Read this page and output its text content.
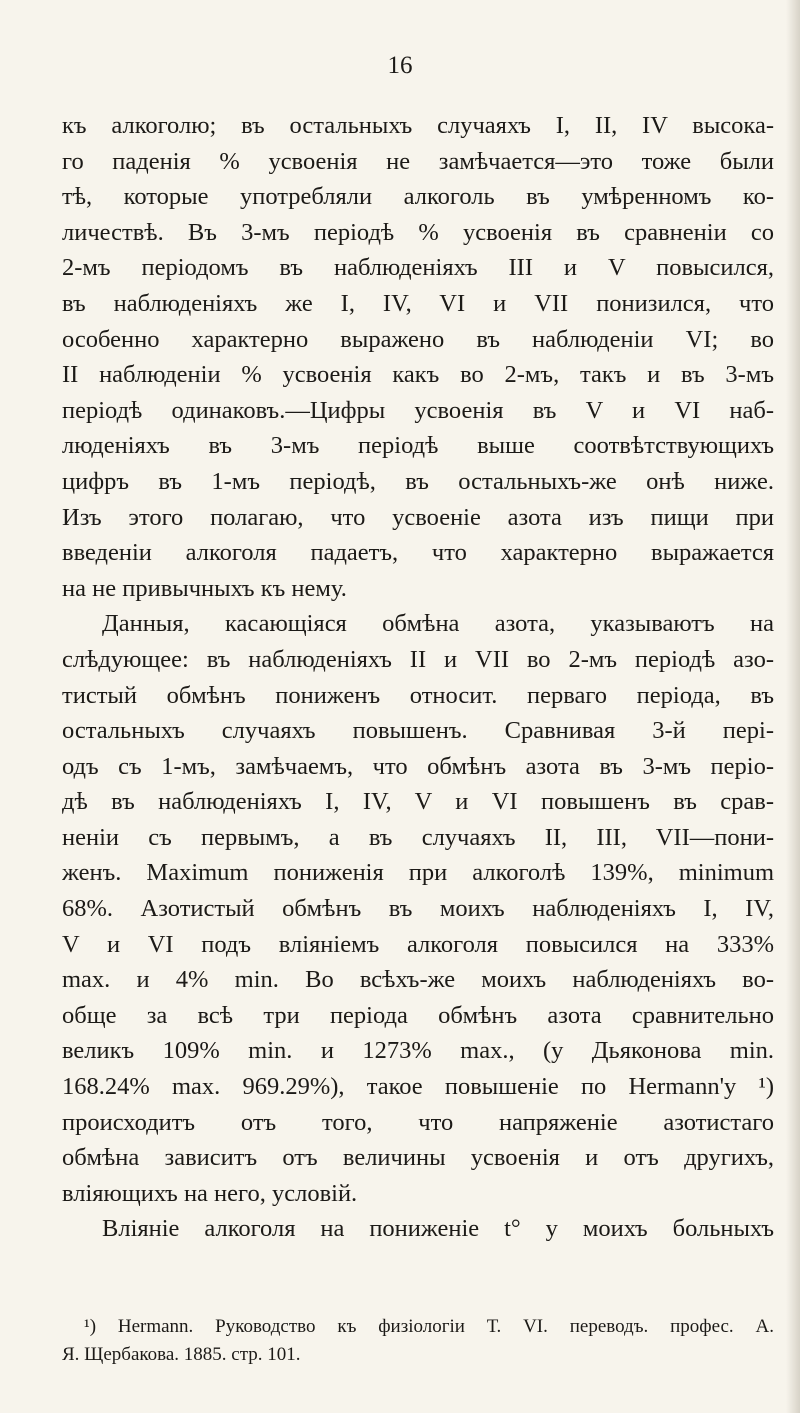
16
къ алкоголю; въ остальныхъ случаяхъ I, II, IV высока-
го паденія % усвоенія не замѣчается—это тоже были
тѣ, которые употребляли алкоголь въ умѣренномъ ко-
личествѣ. Въ 3-мъ періодѣ % усвоенія въ сравненіи со
2-мъ періодомъ въ наблюденіяхъ III и V повысился,
въ наблюденіяхъ же I, IV, VI и VII понизился, что
особенно характерно выражено въ наблюденіи VI; во
II наблюденіи % усвоенія какъ во 2-мъ, такъ и въ 3-мъ
періодѣ одинаковъ.—Цифры усвоенія въ V и VI наб-
люденіяхъ въ 3-мъ періодѣ выше соотвѣтствующихъ
цифръ въ 1-мъ періодѣ, въ остальныхъ-же онѣ ниже.
Изъ этого полагаю, что усвоеніе азота изъ пищи при
введеніи алкоголя падаетъ, что характерно выражается
на не привычныхъ къ нему.
Данныя, касающіяся обмѣна азота, указываютъ на
слѣдующее: въ наблюденіяхъ II и VII во 2-мъ періодѣ азо-
тистый обмѣнъ пониженъ относит. перваго періода, въ
остальныхъ случаяхъ повышенъ. Сравнивая 3-й пері-
одъ съ 1-мъ, замѣчаемъ, что обмѣнъ азота въ 3-мъ періо-
дѣ въ наблюденіяхъ I, IV, V и VI повышенъ въ срав-
неніи съ первымъ, а въ случаяхъ II, III, VII—пони-
женъ. Maximum пониженія при алкоголѣ 139%, minimum
68%. Азотистый обмѣнъ въ моихъ наблюденіяхъ I, IV,
V и VI подъ вліяніемъ алкоголя повысился на 333%
max. и 4% min. Во всѣхъ-же моихъ наблюденіяхъ во-
обще за всѣ три періода обмѣнъ азота сравнительно
великъ 109% min. и 1273% max., (у Дьяконова min.
168.24% max. 969.29%), такое повышеніе по Hermann'у ¹)
происходитъ отъ того, что напряженіе азотистаго
обмѣна зависитъ отъ величины усвоенія и отъ другихъ,
вліяющихъ на него, условій.
Вліяніе алкоголя на пониженіе t° у моихъ больныхъ
¹) Hermann. Руководство къ физіологіи Т. VI. переводъ. профес. А.
Я. Щербакова. 1885. стр. 101.
